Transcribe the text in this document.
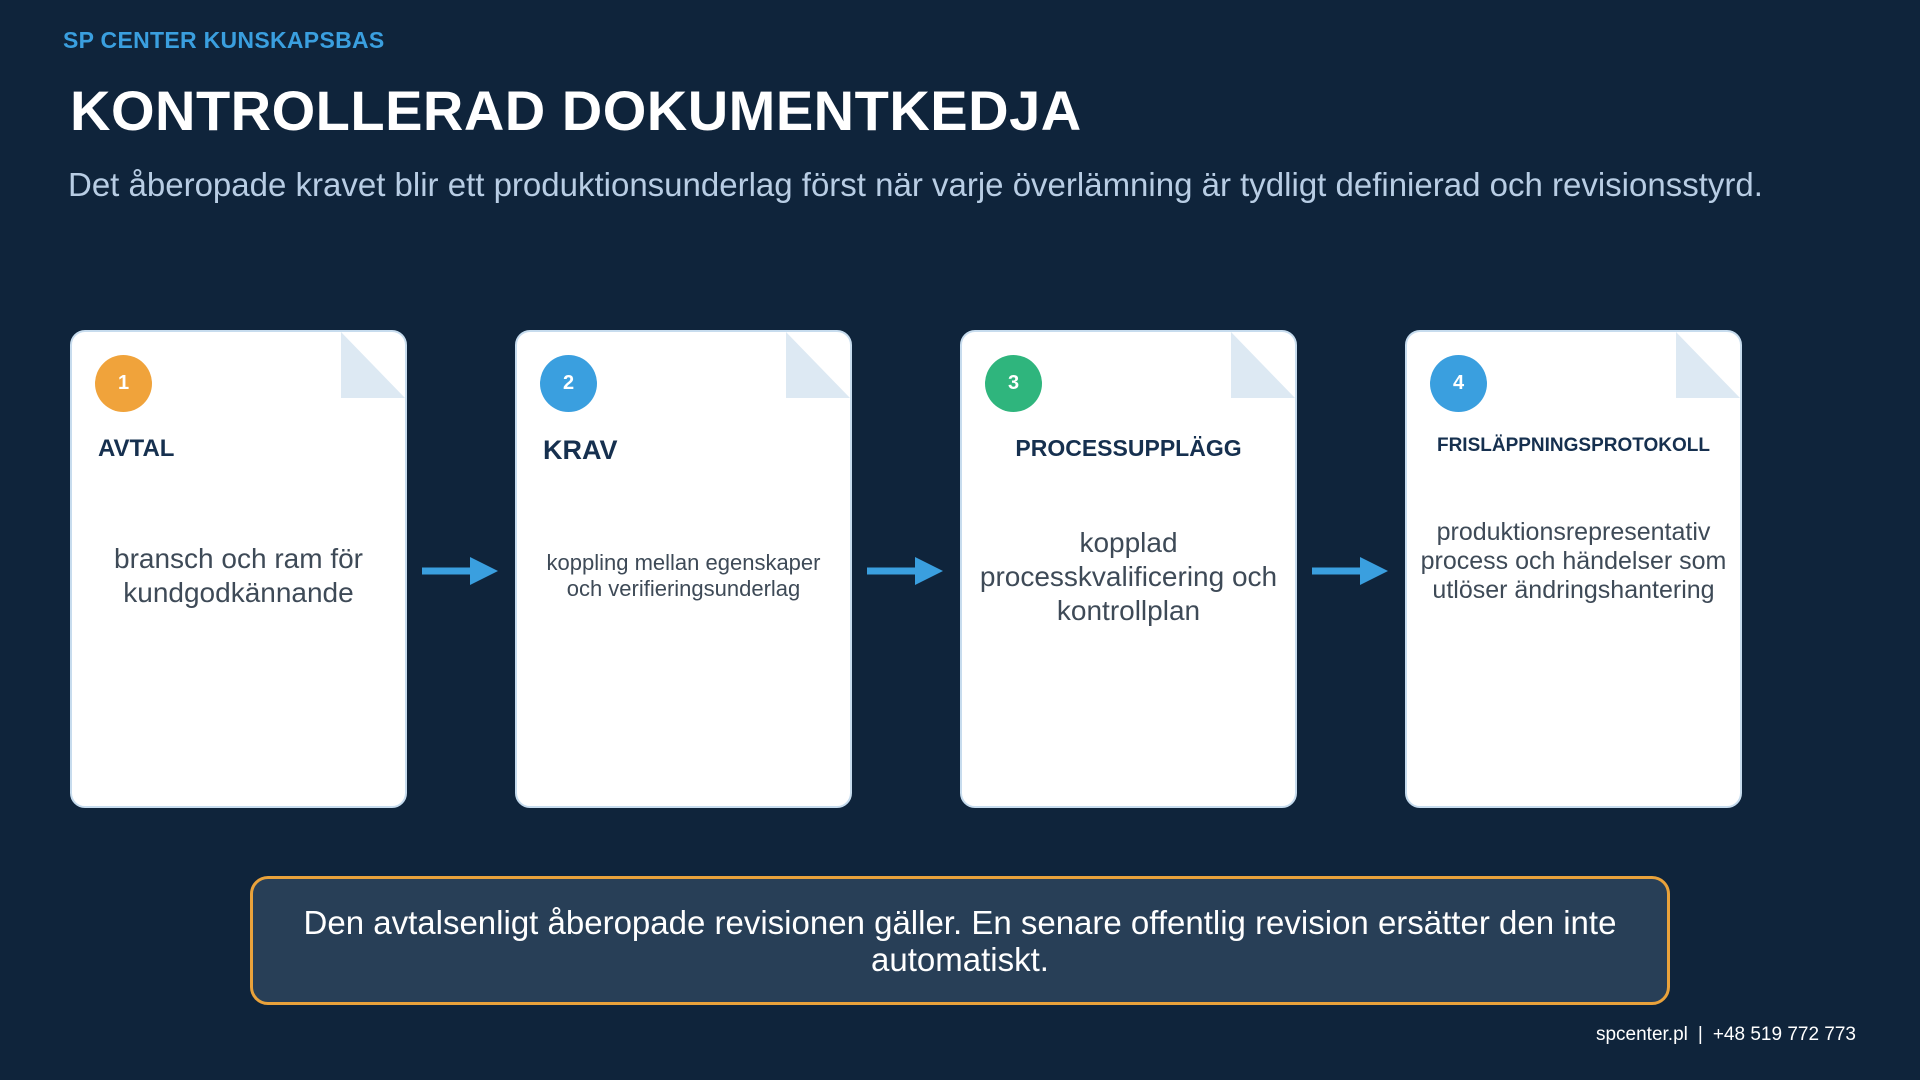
SP CENTER KUNSKAPSBAS
KONTROLLERAD DOKUMENTKEDJA

Det åberopade kravet blir ett produktionsunderlag först när varje överlämning är tydligt definierad och revisionsstyrd.

1
AVTAL
bransch och ram för kundgodkännande
2
KRAV
koppling mellan egenskaper och verifieringsunderlag
3
PROCESSUPPLÄGG
kopplad processkvalificering och kontrollplan
4
FRISLÄPPNINGSPROTOKOLL
produktionsrepresentativ process och händelser som utlöser ändringshantering
Den avtalsenligt åberopade revisionen gäller. En senare offentlig revision ersätter den inte automatiskt.
spcenter.pl | +48 519 772 773
